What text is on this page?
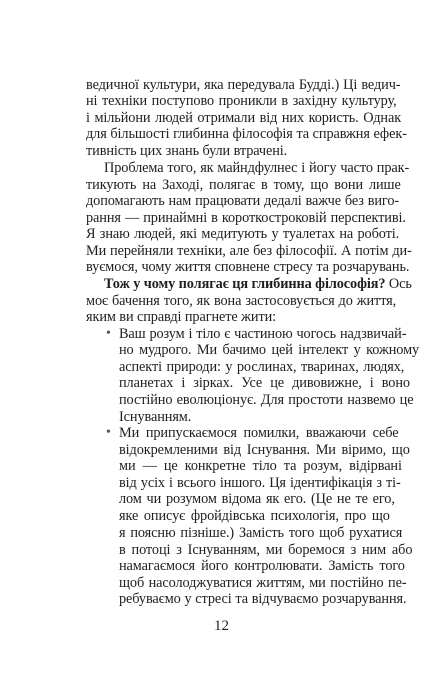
ведичної культури, яка передувала Будді.) Ці ведич-
ні техніки поступово проникли в західну культуру,
і мільйони людей отримали від них користь. Однак
для більшості глибинна філософія та справжня ефек-
тивність цих знань були втрачені.
Проблема того, як майндфулнес і йогу часто прак-
тикують на Заході, полягає в тому, що вони лише
допомагають нам працювати дедалі важче без виго-
рання — принаймні в короткостроковій перспективі.
Я знаю людей, які медитують у туалетах на роботі.
Ми перейняли техніки, але без філософії. А потім ди-
вуємося, чому життя сповнене стресу та розчарувань.
Тож у чому полягає ця глибинна філософія? Ось
моє бачення того, як вона застосовується до життя,
яким ви справді прагнете жити:
Ваш розум і тіло є частиною чогось надзвичай-
•
но мудрого. Ми бачимо цей інтелект у кожному
аспекті природи: у рослинах, тваринах, людях,
планетах і зірках. Усе це дивовижне, і воно
постійно еволюціонує. Для простоти назвемо це
Існуванням.
Ми припускаємося помилки, вважаючи себе
•
відокремленими від Існування. Ми віримо, що
ми — це конкретне тіло та розум, відірвані
від усіх і всього іншого. Ця ідентифікація з ті-
лом чи розумом відома як его. (Це не те его,
яке описує фройдівська психологія, про що
я поясню пізніше.) Замість того щоб рухатися
в потоці з Існуванням, ми боремося з ним або
намагаємося його контролювати. Замість того
щоб насолоджуватися життям, ми постійно пе-
ребуваємо у стресі та відчуваємо розчарування.
12
